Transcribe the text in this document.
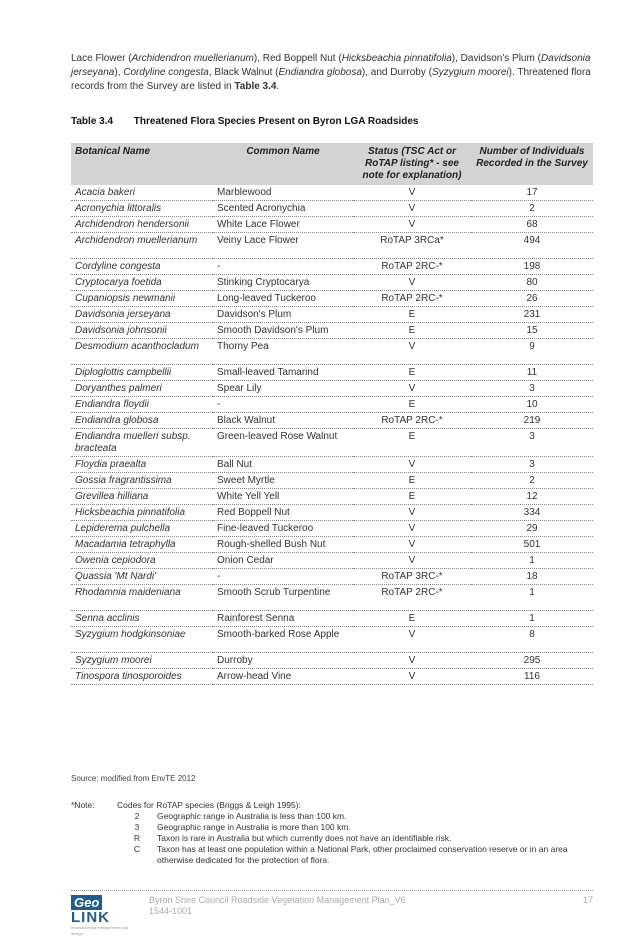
Lace Flower (Archidendron muellerianum), Red Boppell Nut (Hicksbeachia pinnatifolia), Davidson's Plum (Davidsonia jerseyana), Cordyline congesta, Black Walnut (Endiandra globosa), and Durroby (Syzygium moorei). Threatened flora records from the Survey are listed in Table 3.4.
Table 3.4 Threatened Flora Species Present on Byron LGA Roadsides
Botanical Name	Common Name	Status (TSC Act or RoTAP listing* - see note for explanation)	Number of Individuals Recorded in the Survey
Acacia bakeri	Marblewood	V	17
Acronychia littoralis	Scented Acronychia	V	2
Archidendron hendersonii	White Lace Flower	V	68
Archidendron muellerianum	Veiny Lace Flower	RoTAP 3RCa*	494
Cordyline congesta	-	RoTAP 2RC-*	198
Cryptocarya foetida	Stinking Cryptocarya	V	80
Cupaniopsis newmanii	Long-leaved Tuckeroo	RoTAP 2RC-*	26
Davidsonia jerseyana	Davidson's Plum	E	231
Davidsonia johnsonii	Smooth Davidson's Plum	E	15
Desmodium acanthocladum	Thorny Pea	V	9
Diploglottis campbellii	Small-leaved Tamarind	E	11
Doryanthes palmeri	Spear Lily	V	3
Endiandra floydii	-	E	10
Endiandra globosa	Black Walnut	RoTAP 2RC-*	219
Endiandra muelleri subsp. bracteata	Green-leaved Rose Walnut	E	3
Floydia praealta	Ball Nut	V	3
Gossia fragrantissima	Sweet Myrtle	E	2
Grevillea hilliana	White Yell Yell	E	12
Hicksbeachia pinnatifolia	Red Boppell Nut	V	334
Lepiderema pulchella	Fine-leaved Tuckeroo	V	29
Macadamia tetraphylla	Rough-shelled Bush Nut	V	501
Owenia cepiodora	Onion Cedar	V	1
Quassia 'Mt Nardi'	-	RoTAP 3RC-*	18
Rhodamnia maideniana	Smooth Scrub Turpentine	RoTAP 2RC-*	1
Senna acclinis	Rainforest Senna	E	1
Syzygium hodgkinsoniae	Smooth-barked Rose Apple	V	8
Syzygium moorei	Durroby	V	295
Tinospora tinosporoides	Arrow-head Vine	V	116
Source: modified from EnvTE 2012
*Note:	Codes for RoTAP species (Briggs & Leigh 1995):
2	Geographic range in Australia is less than 100 km.
3	Geographic range in Australia is more than 100 km.
R	Taxon is rare in Australia but which currently does not have an identifiable risk.
C	Taxon has at least one population within a National Park, other proclaimed conservation reserve or in an area otherwise dedicated for the protection of flora.
GeoLINK
environmental management and design
Byron Shire Council Roadside Vegetation Management Plan_V6
1544-1001
17
